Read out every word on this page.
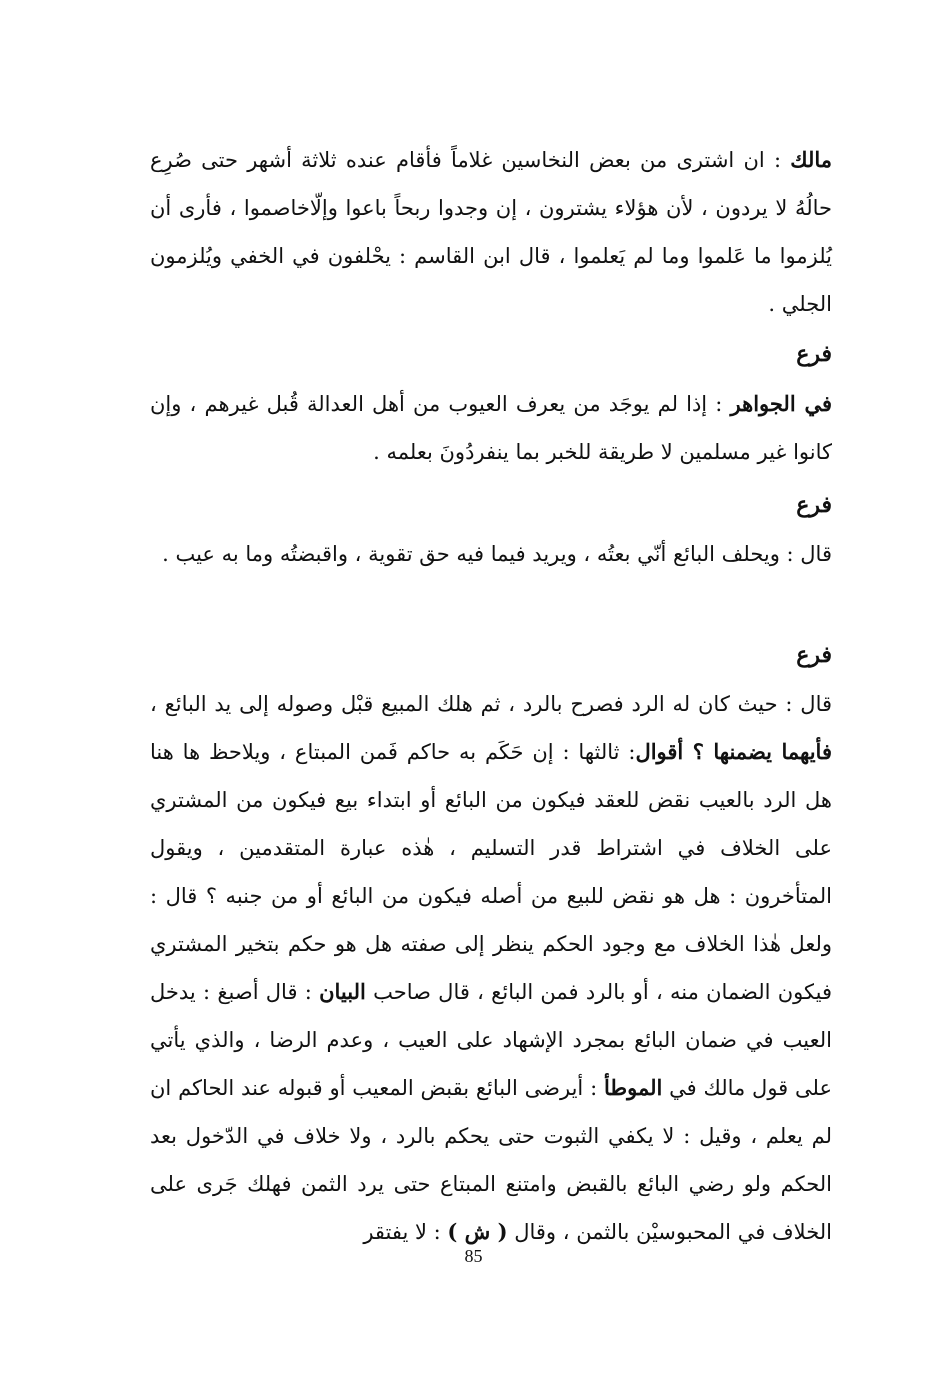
مالك : ان اشترى من بعض النخاسين غلاماً فأقام عنده ثلاثة أشهر حتى صُرِع حالُهُ لا يردون ، لأن هؤلاء يشترون ، إن وجدوا ربحاً باعوا وإلّاخاصموا ، فأرى أن يُلزموا ما عَلموا وما لم يَعلموا ، قال ابن القاسم : يحْلفون في الخفي ويُلزمون الجلي .

فرع

في الجواهر : إذا لم يوجَد من يعرف العيوب من أهل العدالة قُبل غيرهم ، وإن كانوا غير مسلمين لا طريقة للخبر بما ينفردُونَ بعلمه .

فرع

قال : ويحلف البائع أنّي بعتُه ، ويريد فيما فيه حق تقوية ، واقبضتُه وما به عيب .

فرع

قال : حيث كان له الرد فصرح بالرد ، ثم هلك المبيع قبْل وصوله إلى يد البائع ، فأيهما يضمنها ؟ أقوال: ثالثها : إن حَكَم به حاكم فَمن المبتاع ، ويلاحظ ها هنا هل الرد بالعيب نقض للعقد فيكون من البائع أو ابتداء بيع فيكون من المشتري على الخلاف في اشتراط قدر التسليم ، هٰذه عبارة المتقدمين ، ويقول المتأخرون : هل هو نقض للبيع من أصله فيكون من البائع أو من جنبه ؟ قال : ولعل هٰذا الخلاف مع وجود الحكم ينظر إلى صفته هل هو حكم بتخير المشتري فيكون الضمان منه ، أو بالرد فمن البائع ، قال صاحب البيان : قال أصبغ : يدخل العيب في ضمان البائع بمجرد الإشهاد على العيب ، وعدم الرضا ، والذي يأتي على قول مالك في الموطأ : أيرضى البائع بقبض المعيب أو قبوله عند الحاكم ان لم يعلم ، وقيل : لا يكفي الثبوت حتى يحكم بالرد ، ولا خلاف في الدّخول بعد الحكم ولو رضي البائع بالقبض وامتنع المبتاع حتى يرد الثمن فهلك جَرى على الخلاف في المحبوسيْن بالثمن ، وقال ( ش ) : لا يفتقر

85
